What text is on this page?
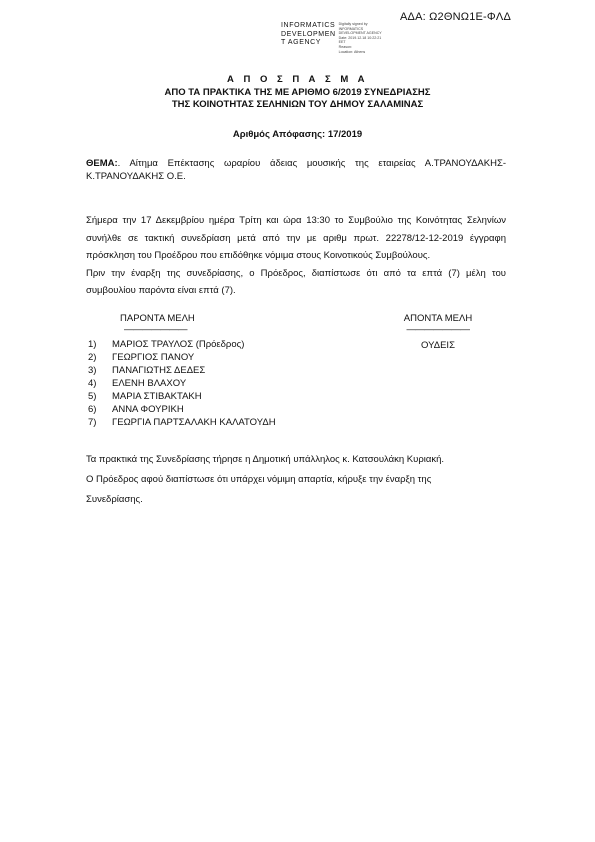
ΑΔΑ: Ω2ΘΝΩ1Ε-ΦΛΔ
INFORMATICS
DEVELOPMEN
T AGENCY
Digitally signed by
INFORMATICS
DEVELOPMENT AGENCY
Date: 2019.12.18 10:22:21
EET
Reason:
Location: Athens
Α Π Ο Σ Π Α Σ Μ Α
ΑΠΟ ΤΑ ΠΡΑΚΤΙΚΑ ΤΗΣ ΜΕ ΑΡΙΘΜΟ 6/2019 ΣΥΝΕΔΡΙΑΣΗΣ
ΤΗΣ ΚΟΙΝΟΤΗΤΑΣ ΣΕΛΗΝΙΩΝ ΤΟΥ ΔΗΜΟΥ ΣΑΛΑΜΙΝΑΣ
Αριθμός Απόφασης: 17/2019
ΘΕΜΑ:. Αίτημα Επέκτασης ωραρίου άδειας μουσικής της εταιρείας Α.ΤΡΑΝΟΥΔΑΚΗΣ-Κ.ΤΡΑΝΟΥΔΑΚΗΣ Ο.Ε.

Σήμερα την 17 Δεκεμβρίου ημέρα Τρίτη και ώρα 13:30 το Συμβούλιο της Κοινότητας Σεληνίων συνήλθε σε τακτική συνεδρίαση μετά από την με αριθμ πρωτ. 22278/12-12-2019 έγγραφη πρόσκληση του Προέδρου που επιδόθηκε νόμιμα στους Κοινοτικούς Συμβούλους.

Πριν την έναρξη της συνεδρίασης, ο Πρόεδρος, διαπίστωσε ότι από τα επτά (7) μέλη του συμβουλίου παρόντα είναι επτά (7).

ΠΑΡΟΝΤΑ ΜΕΛΗ
———————
1)	ΜΑΡΙΟΣ ΤΡΑΥΛΟΣ (Πρόεδρος)
2)	ΓΕΩΡΓΙΟΣ ΠΑΝΟΥ
3)	ΠΑΝΑΓΙΩΤΗΣ ΔΕΔΕΣ
4)	ΕΛΕΝΗ ΒΛΑΧΟΥ
5)	ΜΑΡΙΑ ΣΤΙΒΑΚΤΑΚΗ
6)	ΑΝΝΑ ΦΟΥΡΙΚΗ
7)	ΓΕΩΡΓΙΑ ΠΑΡΤΣΑΛΑΚΗ ΚΑΛΑΤΟΥΔΗ
ΑΠΟΝΤΑ ΜΕΛΗ
———————
ΟΥΔΕΙΣ

Τα πρακτικά της Συνεδρίασης τήρησε η Δημοτική υπάλληλος κ. Κατσουλάκη Κυριακή.

Ο Πρόεδρος αφού διαπίστωσε ότι υπάρχει νόμιμη απαρτία, κήρυξε την έναρξη της

Συνεδρίασης.
